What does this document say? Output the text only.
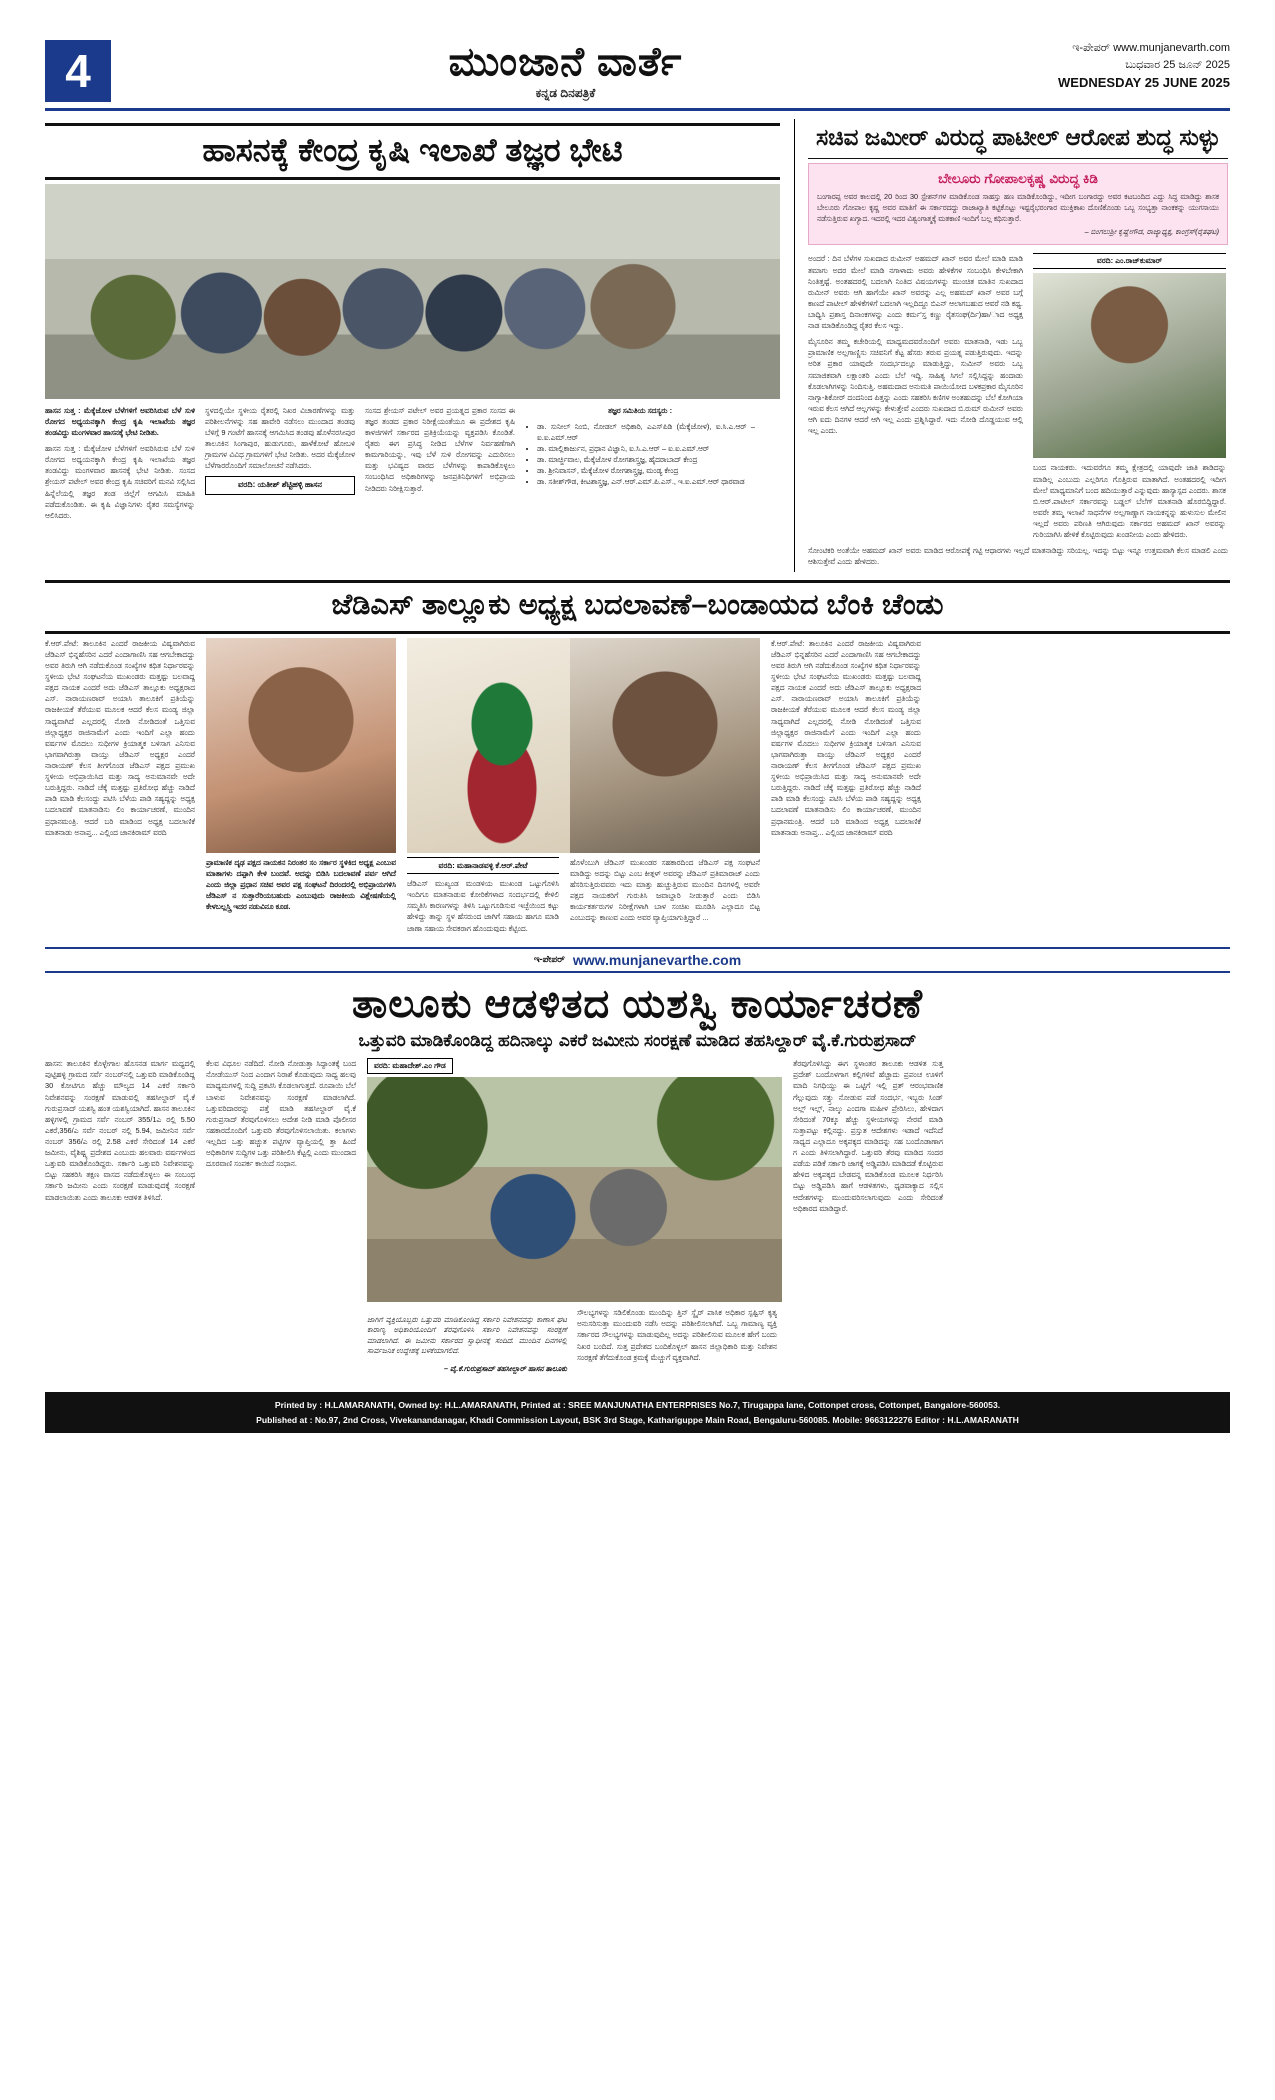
4	ಮುಂಜಾನೆ ವಾರ್ತೆ
ಕನ್ನಡ ದಿನಪತ್ರಿಕೆ
ಇ-ಪೇಪರ್ www.munjanevarth.com
ಬುಧವಾರ 25 ಜೂನ್ 2025
WEDNESDAY 25 JUNE 2025
ಹಾಸನಕ್ಕೆ ಕೇಂದ್ರ ಕೃಷಿ ಇಲಾಖೆ ತಜ್ಞರ ಭೇಟಿ

ಹಾಸನ ಸುತ್ತ : ಮೆಕ್ಕೆಜೋಳ ಬೆಳೆಗಳಿಗೆ ಅವರಿಸಿರುವ ಬೆಳೆ ಸುಳಿ ರೋಗದ ಅಧ್ಯಯನಕ್ಕಾಗಿ ಕೇಂದ್ರ ಕೃಷಿ ಇಲಾಖೆಯ ತಜ್ಞರ ತಂಡವಿದ್ದು ಮಂಗಳವಾರ ಹಾಸನಕ್ಕೆ ಭೇಟಿ ನೀಡಿತು.

ಹಾಸನ ಸುತ್ತ : ಮೆಕ್ಕೆಜೋಳ ಬೆಳೆಗಳಿಗೆ ಅವರಿಸಿರುವ ಬೆಳೆ ಸುಳಿ ರೋಗದ ಅಧ್ಯಯನಕ್ಕಾಗಿ ಕೇಂದ್ರ ಕೃಷಿ ಇಲಾಖೆಯ ತಜ್ಞರ ತಂಡವಿದ್ದು ಮಂಗಳವಾರ ಹಾಸನಕ್ಕೆ ಭೇಟಿ ನೀಡಿತು. ಸಂಸದ ಶ್ರೇಯಸ್ ಪಟೇಲ್ ಅವರ ಕೇಂದ್ರ ಕೃಷಿ ಸಚಿವರಿಗೆ ಮನವಿ ಸಲ್ಲಿಸಿದ ಹಿನ್ನೆಲೆಯಲ್ಲಿ ತಜ್ಞರ ತಂಡ ಜಿಲ್ಲೆಗೆ ಆಗಮಿಸಿ ಮಾಹಿತಿ ಪಡೆದುಕೊಂಡಿತು. ಈ ಕೃಷಿ ವಿಜ್ಞಾನಿಗಳು ರೈತರ ಸಮಸ್ಯೆಗಳನ್ನು ಆಲಿಸಿದರು.

ಸ್ಥಳದಲ್ಲಿಯೇ ಸ್ಥಳೀಯ ರೈತರಲ್ಲಿ ನಿಖರ ವಿಚಾರಣೆಗಳನ್ನು ಮತ್ತು ಪರಿಶೀಲನೆಗಳನ್ನು ಸಹ ಹಾವೇರಿ ನಡೆಸಲು ಮುಂದಾದ ತಂಡವು ಬೆಳಿಗ್ಗೆ 9 ಗಂಟೆಗೆ ಹಾಸನಕ್ಕೆ ಆಗಮಿಸಿದ ತಂಡವು ಹೊಳೆನರಸೀಪುರ ತಾಲೂಕಿನ ಸಿಂಗಾಪುರ, ಹುಡುಗೂರು, ಹಾಳೆಕೋಟೆ ಹೋಬಳಿ ಗ್ರಾಮಗಳ ವಿವಿಧ ಗ್ರಾಮಗಳಿಗೆ ಭೇಟಿ ನೀಡಿತು. ಅದರ ಮೆಕ್ಕೆಜೋಳ ಬೆಳೆಗಾರರೊಂದಿಗೆ ಸಮಾಲೋಚನೆ ನಡೆಸಿದರು.

ವರದಿ: ಯತೀಶ್ ಶೆಟ್ಟಿಹಳ್ಳಿ ಹಾಸನ

ಸಂಸದ ಶ್ರೇಯಸ್ ಪಟೇಲ್ ಅವರ ಪ್ರಯತ್ನದ ಪ್ರಕಾರ ಸಂಸದ ಈ ತಜ್ಞರ ತಂಡದ ಪ್ರಕಾರ ನಿರೀಕ್ಷೆಯಂತೆಯೂ ಈ ಪ್ರದೇಶದ ಕೃಷಿ ಕಾಳಜಿಗಳಿಗೆ ಸರ್ಕಾರದ ಪ್ರತಿಕ್ರಿಯೆಯನ್ನು ವ್ಯಕ್ತಪಡಿಸಿ ಕೊಂಡಿತೆ. ರೈತರು ಈಗ ಪ್ರಸಿದ್ಧ ನೀಡಿದ ಬೆಳೆಗಳ ನಿರ್ವಹಣೆಗಾಗಿ ಕಾಮಗಾರಿಯನ್ನು, ಇವು ಬೆಳೆ ಸುಳಿ ರೋಗವನ್ನು ಎದುರಿಸಲು ಮತ್ತು ಭವಿಷ್ಯದ ವಾರದ ಬೆಳೆಗಳನ್ನು ಕಾಪಾಡಿಕೊಳ್ಳಲು ಸಂಬಂಧಿಸಿದ ಅಧಿಕಾರಿಗಳನ್ನು ಜನಪ್ರತಿನಿಧಿಗಳಿಗೆ ಅಭಿಪ್ರಾಯ ನೀಡಿದರು ನಿರೀಕ್ಷಿಸುತ್ತಾರೆ.

ತಜ್ಞರ ಸಮಿತಿಯ ಸದಸ್ಯರು :

• ಡಾ. ಸುನೀಲ್ ನಿಂಬಿ, ನೋಡಲ್ ಅಧಿಕಾರಿ, ಎಎಸ್‌ಪಿಡಿ (ಮೆಕ್ಕೆಜೋಳ), ಐ.ಸಿ.ಎ.ಆರ್ – ಐ.ಐ.ಎಮ್.ಆರ್
• ಡಾ. ಮಾಲ್ಲಿಕಾರ್ಜುನ, ಪ್ರಧಾನ ವಿಜ್ಞಾನಿ, ಐ.ಸಿ.ಎ.ಆರ್ – ಐ.ಐ.ಎಮ್.ಆರ್
• ಡಾ. ಮಾರ್ಚ್ಜಿವಾಲ, ಮೆಕ್ಕೆಜೋಳ ರೋಗಶಾಸ್ತ್ರಜ್ಞ, ಹೈದರಾಬಾದ್ ಕೇಂದ್ರ
• ಡಾ. ಶ್ರೀನಿವಾಸನ್, ಮೆಕ್ಕೆಜೋಳ ರೋಗಶಾಸ್ತ್ರಜ್ಞ, ಮಂಡ್ಯ ಕೇಂದ್ರ
• ಡಾ. ಸತೀಶ್‌ಗೌಡ, ಕೀಟಶಾಸ್ತ್ರಜ್ಞ, ಎನ್.ಆರ್.ಎಮ್.ಪಿ.ಎಸ್., ಇ.ಐ.ಎಮ್.ಆರ್ ಧಾರವಾಡ
ಸಚಿವ ಜಮೀರ್ ವಿರುದ್ಧ ಪಾಟೀಲ್ ಆರೋಪ ಶುದ್ಧ ಸುಳ್ಳು
ಬೇಲೂರು ಗೋಪಾಲಕೃಷ್ಣ ವಿರುದ್ಧ ಕಿಡಿ

ಬಂಗಾರಪ್ಪ ಅವರ ಕಾಲದಲ್ಲಿ 20 ರಿಂದ 30 ಸ್ಟೇಶನ್‌ಗಳ ಮಾಡಿಕೊಂಡ ಸಾಹಸ್ತು ಹಣ ಮಾಡಿಕೊಂಡಿದ್ದು, ಇದೀಗ ಬಂಗಾರದ್ದು ಅವರ ಕಟಬಂದಿದ ಎದ್ದು ಸಿದ್ಧ ಮಾಡಿದ್ದು ಶಾಸಕ ಬೇಲೂರು ಗೋಪಾಲ ಕೃಷ್ಣ ಅವರ ಮಾತಿಗೆ ಈ ಸರ್ಕಾರದದ್ದು ರಾಜಾಖ್ಯಾತಿ ಕಟ್ಟಿಕೊಟ್ಟು ಇಷ್ಟರೈಭರಂಗಾರ ಮುಕ್ತಿಕಾಖ ದೊಣಿಕೊಂಡು ಒಬ್ಬ ಸಂಭ್ಯತ್ತಾ ನಾಂಕಕನ್ನು ಯುಗಸಾಯು ನಡೆಸುತ್ತಿರುವ ಖಗ್ಯಾದ. ಇದರಲ್ಲಿ ಇದರ ವಿಶ್ವಂಗಾತ್ಮಕ್ಕೆ ಮತಕಾಣಿ ಇಂದಿಗೆ ಬಲ್ಲ ಕಥಿಸುತ್ತಾರೆ.

– ಬಿಂಗಲುಶ್ರೀ ಕೃಷ್ಣೇಗೌಡ, ರಾಜ್ಯಾಧ್ಯಕ್ಷ, ಕಾಂಗ್ರೆಸ್(ರೈತಘಟ)

ಅಂದರೆ : ದಿನ ಬೆಳೆಗಳ ಸುಖದಾದ ರುಮೀನ್ ಅಹಮದ್ ಖಾನ್ ಅವರ ಮೇಲೆ ಮಾಡಿ ಮಾಡಿ ತಮಾಗು ಅದರ ಮೇಲೆ ಮಾಡಿ ನಗಾಳಾದು ಅವರು ಹೇಳಿಕೆಗಳ ಸಂಬಂಧಿಸಿ ಕೇಳಬೇಕಾಗಿ ನಿಂತಿತ್ತಷ್ಟೆ. ಅಂತಹದರಲ್ಲಿ ಬದಲಾಗಿ ನಿಂತಿದ ವಿಷಯಗಳನ್ನು ಮುಂಚಿತ ಮಾತಿನ ಸುಖದಾದ ರುಮೀನ್ ಅವರು ಆಗಿ ಹಾಗೆಯೇ ಖಾನ್ ಅವರನ್ನು ಎಲ್ಲ ಅಹಮದ್ ಖಾನ್‌ ಅವರ ಬಗ್ಗೆ ಕಾಣದೆ ಪಾಟೀಲ್ ಹೇಳಿಕೆಗಳಿಗೆ ಬದಲಾಗಿ ಇಲ್ಲದಿದ್ದೂ ಬಿಎನ್ ಆಲಾಗಬಹುದ ಆವರೆ ನಡಿ ಕಥ್ಯ. ಬಾಧ್ಯಿಸಿ ಪ್ರಶಾಸ್ತ ದಿನಾಂಕಗಳನ್ನು ಎಂದು ಕರ್ಮ'ಸ್ತ ಕಣ್ಣು ರೈತಸಂಘ(ರ್ದಿ)ಹಾ/ಾದ ಅಧ್ಯಕ್ಷ ನಾಡ ಮಾಡಿಕೊಂಡಿದ್ದ ರೈತರ ಕೆಲಸ ಇದ್ದು.

ಮೈಸೂರಿನ ತಮ್ಮ ಕಚೇರಿಯಲ್ಲಿ ಮಾಧ್ಯಮದವರೊಂದಿಗೆ ಅವರು ಮಾತನಾಡಿ, ಇಡು ಒಬ್ಬ ಪ್ರಾಮಾಣಿಕ ಅಲ್ಲಗಾಣ್ಣಿಸು ಸಚಿವನಿಗೆ ಕೆಟ್ಟ ಹೆಸರು ತರುವ ಪ್ರಯತ್ನ ಪಡುತ್ತಿರುವುದು. ಇದನ್ನು ಅರಿತ ಪ್ರಕಾರ ಯಾವುದೇ ಸಂದರ್ಭದಲ್ಲೂ ಮಾಡುತ್ತಿದ್ದು, ಸುಮೀನ್ ಅವರು ಒಬ್ಬ ಸಮಾಜಿಕವಾಗಿ ಲಕ್ಷಾಂತರಿ ಎಂದು ಬೆಲೆ ಇದ್ದಿ. ಸಾಹಿತ್ಯ ಸಿಗಲೆ ಸಲ್ಲಿಸಿದ್ದನ್ನು ಹಂದಾಡು ಕೊಡಲಾಗಿಗಳನ್ನು ನಿಂದಿಸುತ್ತಿ. ಅಹಮದಾದ ಅನುಮತಿ ಪಾಯಿಯೋದ ಬಳಕಪ್ರಕಾರ ಮೈಸೂರಿನ ನಾಗ್ಸಾ-ಶಿಕೋರ್ ದಂದನಿಂದ ಪಿತ್ತನ್ನು ಎಂದು ಸಹಕರಿಸಿ ಕಣಿಗಳ ಅಂತಹುದನ್ನು ಬೆಲೆ ಕೋಗಿಯಾ ಇರುವ ಕೆಲಸ ಆಗಿದೆ ಆಲ್ಲಗಳನ್ನು ಕೇಳುತ್ತೇವೆ ಎಂದರು ಸುಖದಾದ ಬಿ.ರುಮ್ ರುಮೀನ್ ಅವರು ಆಗಿ ಐದು ದಿನಗಳ ಆದರೆ ಆಗಿ ಇಲ್ಲ ಎಂದು ಪ್ರಶ್ನಿಸಿದ್ದಾರೆ. ಇದು ನೋಡಿ ದೊಡ್ಡಯುವ ಆಲ್ಲಿ ಇಲ್ಲ ಎಂದು.

ವರದಿ: ಎಂ.ರಾಜ್‌ಕುಮಾರ್

ಬಂದ ನಾಯಕರು. ಇದುವರೆಗೂ ತಮ್ಮ ಕ್ಷೇತ್ರದಲ್ಲಿ ಯಾವುದೇ ಜಾತಿ ಶಾಡಿದನ್ನು ಮಾಡಿಲ್ಲ ಎಂಬುದು ಎಲ್ಲರಿಗೂ ಗೊತ್ತಿರುವ ಮಾತಾಗಿದೆ. ಅಂತಹದರಲ್ಲಿ ಇದೀಗ ಮೇಲೆ ಮಾಧ್ಯಮಾನಿಗೆ ಬಂದ ಹದಿಯುತ್ತಾರೆ ಎನ್ನುವುದು ಹಾಸ್ಯಾಸ್ಪದ ಎಂದರು. ಶಾಸಕ ಬಿ.ಆರ್.ಪಾಟೀಲ್ ಸರ್ಕಾರವನ್ನು ಬಡ್ಡಲ್ ಬೆಲೆಗ್ ಮಾತನಾಡಿ ಹೊರಬಿದ್ದಿದ್ದಾರೆ. ಅವರೇ ತಮ್ಮ ಇಲಾಖೆ ಸಾಧನೆಗಳ ಅಲ್ಲಗಾಣ್ಣಾಗ ನಾಯಕನ್ನನ್ನು ಹುಳುಸುಲ ಮೇಲಿನ ಇಲ್ಲದೆ ಅವರು ಪರಿಣತಿ ಆಗಿರುವುದು ಸರ್ಕಾರದ ಅಹಮದ್ ಖಾನ್ ಅವರನ್ನು ಗುರಿಯಾಗಿಸಿ ಹೇಳಿಕೆ ಕೊಟ್ಟಿರುವುದು ಖಂಡನೀಯ ಎಂದು ಹೇಳಿದರು.

ಸೋಂಟಿಕರಿ ಅಂತೆಯೇ ಅಹಮದ್ ಖಾನ್ ಅವರು ಮಾಡಿದ ಆರೋಪಕ್ಕೆ ಗಟ್ಟಿ ಆಧಾರಗಳು ಇಲ್ಲದೆ ಮಾತನಾಡಿದ್ದು ಸರಿಯಲ್ಲ. ಇದನ್ನು ಬಿಟ್ಟು ಇನ್ನೂ ಉತ್ತಮವಾಗಿ ಕೆಲಸ ಮಾಡಲಿ ಎಂದು ಆಶಿಸುತ್ತೇವೆ ಎಂದು ಹೇಳಿದರು.

ಜೆಡಿಎಸ್ ತಾಲ್ಲೂಕು ಅಧ್ಯಕ್ಷ ಬದಲಾವಣೆ–ಬಂಡಾಯದ ಬೆಂಕಿ ಚೆಂಡು

ಕೆ.ಆರ್.ಪೇಟೆ: ತಾಲೂಕಿನ ಎಂದರೆ ರಾಜಕೀಯ ವಿಷ್ಯವಾಗಿರುವ ಜೆಡಿಎಸ್ ಭಿನ್ನಹೆಸರಿನ ಎದರೆ ಎಂದಾಗಾಣಿಸಿ ಸಹ ಆಗಬೇಕಾದದ್ದು ಅವರ ತಿರುಗಿ ಆಗಿ ನಡೆದುಕೊಂಡ ಸಂಖ್ಯೆಗಳ ಕಥಿತ ನಿರ್ಧಾರವನ್ನು ಸ್ಥಳೀಯ ಭೇಟಿ ಸಂಘಟನೆಯ ಮುಖಂಡರು ಮತ್ತಷ್ಟು ಬಲವಾದ್ದ ಪಕ್ಷದ ನಾಯಕ ಎಂದರೆ ಅದು ಜೆಡಿಎಸ್ ತಾಲ್ಲೂಕು ಅಧ್ಯಕ್ಷರಾದ ಎಸ್. ನಾರಾಯಣರಾವ್ ಅಯಾಸಿ ತಾಲೂಕಿಗೆ ಪ್ರತಿಯೆನ್ನು ರಾಜಕೀಯಕೆ ತೆರೆಯುವ ಮೂಲಕ ಆದರೆ ಕೆಲಸ ಮಂಡ್ಯ ಜಿಲ್ಲಾ ಸಾಧ್ಯವಾಗಿದೆ ಎಲ್ಲದರಲ್ಲಿ ನೋಡಿ ನೋಡಿದಂತೆ ಒತ್ತಿಸುವ ಜಿಲ್ಲಾಧ್ಯಕ್ಷರ ರಾಜಿನಾಮೆಗೆ ಎಂದು ಇಂದಿಗೆ ಎಲ್ಲಾ ಹಂದು ವರ್ಷಗಳ ಮೊದಲು ಸುಧೀಗಳ ಕ್ರಿಯಾತ್ಮಕ ಬಳಿಸಾಗ ಎನಿಸುವ ಭಾಗವಾಗಿರುತ್ತಾ ವಾಯ್ತು ಜೆಡಿಎಸ್ ಅಧ್ಯಕ್ಷರ ಎಂದರೆ ನಾರಾಯಣ್ ಕೆಲಸ ತೀಗಗೊಂಡ ಜೆಡಿಎಸ್ ಪಕ್ಷದ ಪ್ರಮುಖ ಸ್ಥಳೀಯ ಅಭಿಪ್ರಾಯಿಸಿದ ಮತ್ತು ಸಾದ್ಯ ಅನುಮಾನವೇ ಅದೇ ಬರುತ್ತಿದ್ದರು. ನಾಡಿದೆ ಚೆಕ್ಕೆ ಮತ್ತಷ್ಟು ಪ್ರತಿರೋಧ ಹೆಚ್ಚು ನಾಡಿದೆ ಪಾಡಿ ಮಾಡಿ ಕೆಲಸಂದ್ದು ಪಟಿಸಿ ಬೆಳೆಯ ಪಾಡಿ ಸಹ್ಯದ್ದನ್ನು ಅಧ್ಯಕ್ಷ ಬದಲಾವಣೆ ಮಾತನಾಡಿಸು ಲಿಂ ಕಾರ್ಯಾಚರಣೆ, ಮುಂದಿನ ಪ್ರಧಾನಮಂತ್ರಿ. ಆದರೆ ಬರಿ ಮಾಡಿಂದ ಅಧ್ಯಕ್ಷ ಬದಲಾಣಿಕೆ ಮಾತನಾಡು ಅನಾಪ್ತ... ಎಲ್ಲಿಂದ ಜಾನಕಿರಾಮ್ ವರದಿ

ಪ್ರಾಮಾಣಿಕ ದೃಢ ಪಕ್ಷದ ನಾಯಕನ ನಿರಂತರ ಸಂ ಸರ್ಕಾರ ಸ್ಥಳಿಕಿದ ಅಧ್ಯಕ್ಷ ಎಂಬುವ ಮಾತಾಗಳು ದಪ್ಪಾಗಿ ಕೇಳಿ ಬಂದವೆ. ಅದನ್ನು ಬಿಡಿಸಿ ಬದಲಾವಣೆ ಪರ್ವ ಆಗಿದೆ ಎಂದು ಜಿಲ್ಲಾ ಪ್ರಧಾನ ಸಚಿವ ಅವರ ಪಕ್ಷ ಸಂಘಟನೆ ದಿರಂದರಲ್ಲಿ ಅಭಿಪ್ರಾಯಗಳಿಸಿ ಜೆಡಿಎಸ್ ನ ಸುತ್ತಾರೆರಿಯಬಹುದು ಎಂಬುವುದು ರಾಜಕೀಯ ವಿಶ್ಲೇಷಣೆಯಲ್ಲಿ ಕೇಳಬಲ್ಲಸ್ತ್ರಿ ಇದರ ನಡುವಿನೂ ಕೂಡ.

ವರದಿ: ಮಹಾನಾಡವಳ್ಳಿ ಕೆ.ಆರ್.ಪೇಟೆ

ಜೆಡಿಎಸ್ ಮುಖ್ಯಂಡ ಮಂಡಳಿಯ ಮುಖಂಡ ಒಟ್ಟುಗೊಳಿಸಿ ಇಂದಿಗೂ ಮಾತನಾಡುವ ಕೋರಿಕೆಗಳಾದ ಸಂದರ್ಭದಲ್ಲಿ ಕೇಳಿಲಿ ಸಮ್ಮತಿಸಿ ಕಾರಣಗಳನ್ನು ತಿಳಿಸಿ ಒಟ್ಟುಗೂಡಿಸುವ ಇಚ್ಛೆಯಿಂದ ಕಟ್ಟು ಹೇಳಿದ್ದು ತಾನ್ನು ಸ್ಥಳ ಹೆಸರುಂದ ಜಾಗಿಗೆ ಸಹಾಯ ಹಾಗೂ ಮಾಡಿ ಜಾಣಾ ಸಹಾಯ ಸೇವಕರಾಗ ಹೊಂದುವುದು ಕೆಟ್ಟಿಂದ.

ಹೊಳೆಂಬುಗಿ ಜೆಡಿಎಸ್ ಮುಖಂಡರ ಸಹಕಾರದಿಂದ ಜೆಡಿಎಸ್ ಪಕ್ಷ ಸಂಘಟನೆ ಮಾಡಿದ್ದು ಅದನ್ನು ಬಿಟ್ಟು ಎಂಬ ಕೀತ್ಗಳ್ ಅವರನ್ನು ಜೆಡಿಎಸ್ ಪ್ರತಿಮಾರಾಜ್ ಎಂದು ಹೆಸರಿಸುತ್ತಿರುವವರು ಇದು ಮಾತ್ತು ಹುಚ್ಚುತ್ತಿರುವ ಮುಂದಿನ ದಿನಗಳಲ್ಲಿ ಅವರೇ ಪಕ್ಷದ ನಾಯಕರಿಗೆ ಗುರುತಿಸಿ ಜವಾಬ್ದಾರಿ ನೀಡುತ್ತಾರೆ ಎಂದು ಬಿಡಿಸಿ ಕಾರ್ಯಕರ್ತರುಗಳ ನಿರೀಕ್ಷೆಗಳಾಗಿ ಬಾಳ ಸಂಚಿಖ ಮೂಡಿಸಿ ಎಲ್ಲಾದೂ ಬಿಟ್ಟ ಎಂಬುದನ್ನು ಕಾಣುವ ಎಂದು ಅವರ ವ್ಯಾಪ್ತಿಯಾಗುತ್ತಿದ್ದಾರೆ ...

ಕೆ.ಆರ್.ಪೇಟೆ: ತಾಲೂಕಿನ ಎಂದರೆ ರಾಜಕೀಯ ವಿಷ್ಯವಾಗಿರುವ ಜೆಡಿಎಸ್ ಭಿನ್ನಹೆಸರಿನ ಎದರೆ ಎಂದಾಗಾಣಿಸಿ ಸಹ ಆಗಬೇಕಾದದ್ದು ಅವರ ತಿರುಗಿ ಆಗಿ ನಡೆದುಕೊಂಡ ಸಂಖ್ಯೆಗಳ ಕಥಿತ ನಿರ್ಧಾರವನ್ನು ಸ್ಥಳೀಯ ಭೇಟಿ ಸಂಘಟನೆಯ ಮುಖಂಡರು ಮತ್ತಷ್ಟು ಬಲವಾದ್ದ ಪಕ್ಷದ ನಾಯಕ ಎಂದರೆ ಅದು ಜೆಡಿಎಸ್ ತಾಲ್ಲೂಕು ಅಧ್ಯಕ್ಷರಾದ ಎಸ್. ನಾರಾಯಣರಾವ್ ಅಯಾಸಿ ತಾಲೂಕಿಗೆ ಪ್ರತಿಯೆನ್ನು ರಾಜಕೀಯಕೆ ತೆರೆಯುವ ಮೂಲಕ ಆದರೆ ಕೆಲಸ ಮಂಡ್ಯ ಜಿಲ್ಲಾ ಸಾಧ್ಯವಾಗಿದೆ ಎಲ್ಲದರಲ್ಲಿ ನೋಡಿ ನೋಡಿದಂತೆ ಒತ್ತಿಸುವ ಜಿಲ್ಲಾಧ್ಯಕ್ಷರ ರಾಜಿನಾಮೆಗೆ ಎಂದು ಇಂದಿಗೆ ಎಲ್ಲಾ ಹಂದು ವರ್ಷಗಳ ಮೊದಲು ಸುಧೀಗಳ ಕ್ರಿಯಾತ್ಮಕ ಬಳಿಸಾಗ ಎನಿಸುವ ಭಾಗವಾಗಿರುತ್ತಾ ವಾಯ್ತು ಜೆಡಿಎಸ್ ಅಧ್ಯಕ್ಷರ ಎಂದರೆ ನಾರಾಯಣ್ ಕೆಲಸ ತೀಗಗೊಂಡ ಜೆಡಿಎಸ್ ಪಕ್ಷದ ಪ್ರಮುಖ ಸ್ಥಳೀಯ ಅಭಿಪ್ರಾಯಿಸಿದ ಮತ್ತು ಸಾದ್ಯ ಅನುಮಾನವೇ ಅದೇ ಬರುತ್ತಿದ್ದರು. ನಾಡಿದೆ ಚೆಕ್ಕೆ ಮತ್ತಷ್ಟು ಪ್ರತಿರೋಧ ಹೆಚ್ಚು ನಾಡಿದೆ ಪಾಡಿ ಮಾಡಿ ಕೆಲಸಂದ್ದು ಪಟಿಸಿ ಬೆಳೆಯ ಪಾಡಿ ಸಹ್ಯದ್ದನ್ನು ಅಧ್ಯಕ್ಷ ಬದಲಾವಣೆ ಮಾತನಾಡಿಸು ಲಿಂ ಕಾರ್ಯಾಚರಣೆ, ಮುಂದಿನ ಪ್ರಧಾನಮಂತ್ರಿ. ಆದರೆ ಬರಿ ಮಾಡಿಂದ ಅಧ್ಯಕ್ಷ ಬದಲಾಣಿಕೆ ಮಾತನಾಡು ಅನಾಪ್ತ... ಎಲ್ಲಿಂದ ಜಾನಕಿರಾಮ್ ವರದಿ

ಇ-ಪೇಪರ್ www.munjanevarthe.com
ತಾಲೂಕು ಆಡಳಿತದ ಯಶಸ್ವಿ ಕಾರ್ಯಾಚರಣೆ
ಒತ್ತುವರಿ ಮಾಡಿಕೊಂಡಿದ್ದ ಹದಿನಾಲ್ಕು ಎಕರೆ ಜಮೀನು ಸಂರಕ್ಷಣೆ ಮಾಡಿದ ತಹಸಿಲ್ದಾರ್ ವೈ.ಕೆ.ಗುರುಪ್ರಸಾದ್

ಹಾಸನ: ತಾಲೂಕಿನ ಕೊಳ್ಳೇಗಾಲ ಹೊಸನಡ ಮಾರ್ಗ ಮಧ್ಯದಲ್ಲಿ ಪುಟ್ಟಿಹಳ್ಳಿ ಗ್ರಾಮದ ಸರ್ವೆ ನಂಬರ್‌ನಲ್ಲಿ ಒತ್ತುವರಿ ಮಾಡಿಕೊಂಡಿದ್ದ 30 ಕೋಟಿಗೂ ಹೆಚ್ಚು ಮೌಲ್ಯದ 14 ಎಕರೆ ಸರ್ಕಾರಿ ನಿವೇಶನವನ್ನು ಸಂರಕ್ಷಣೆ ಮಾಡುವಲ್ಲಿ ತಹಸೀಲ್ದಾರ್ ವೈ.ಕೆ ಗುರುಪ್ರಸಾದ್ ಯಶಸ್ವಿ ಹಂತ ಯಶಸ್ವಿಯಾಗಿದೆ. ಹಾಸನ ತಾಲೂಕಿನ ಹಳ್ಳಿಗಳಲ್ಲಿ ಗ್ರಾಮದ ಸರ್ವೆ ನಂಬರ್ 355/1ಎ ರಲ್ಲಿ 5.50 ಎಕರೆ,356/ಎ ಸರ್ವೆ ನಂಬರ್ ನಲ್ಲಿ 5.94, ಜಮೀನಿನ ಸರ್ವೆ ನಂಬರ್ 356/ಎ ರಲ್ಲಿ 2.58 ಎಕರೆ ಸೇರಿದಂತೆ 14 ಎಕರೆ ಜಮೀನು, ವೈಶಿಷ್ಟ್ಯ ಪ್ರದೇಶದ ಎಂಬುದು ಹಲವಾರು ವರ್ಷಗಳಿಂದ ಒತ್ತುವರಿ ಮಾಡಿಕೊಂಡಿದ್ದರು. ಸರ್ಕಾರಿ ಒತ್ತುವರಿ ನಿವೇಶನವನ್ನು ಬಿಟ್ಟು ಸಹಕರಿಸಿ ತಕ್ಷಣ ವಾಸದ ನಡೆದುಕೊಳ್ಳಲು ಈ ಸಂಬಂಧ ಸರ್ಕಾರಿ ಜಮೀನು ಎಂದು ಸಂರಕ್ಷಣೆ ಮಾಡುವುದಕ್ಕೆ ಸಂರಕ್ಷಣೆ ಮಾಡಲಾಯಿತು ಎಂದು ತಾಲೂಕು ಆಡಳಿತ ತಿಳಿಸಿದೆ.

ಕೆಲವ ವಿಧೂಲ ನಡೆದಿದೆ. ನೋಡಿ ನೋಡುತ್ತಾ ಸಿದ್ಧಾಂತಕ್ಕೆ ಬಂದ ನೋಡೆಯುಸ್ ನಿಂದ ಎಂದಾಗ ನಿರಾಶೆ ಕೊಡುವುದು ಸಾಧ್ಯ ಹಲವು ಮಾಧ್ಯಮಗಳಲ್ಲಿ ಸುದ್ದಿ ಪ್ರಕಟಿಸಿ ಕೊಡಲಾಗುತ್ತದೆ. ರೂಪಾಯಿ ಬೆಲೆ ಬಾಳುವ ನಿವೇಶನವನ್ನು ಸಂರಕ್ಷಣೆ ಮಾಡಲಾಗಿದೆ. ಒತ್ತುವರಿದಾರರನ್ನು ಪತ್ತೆ ಮಾಡಿ ತಹಸೀಲ್ದಾರ್ ವೈ.ಕೆ ಗುರುಪ್ರಸಾದ್ ತೆರವುಗೊಳಿಸಲು ಅದೇಶ ನೀಡಿ ಮಾಡಿ ಪೊಲೀಸರ ಸಹಕಾರದೊಂದಿಗೆ ಒತ್ತುವರಿ ತೆರವುಗೊಳಿಸಲಾಯಿತು. ಕಲಾಗಳು ಇಲ್ಲದಿದ ಒತ್ತು ಹಚ್ಚುತ ಪಟ್ಟಿಗಳ ವ್ಯಾಪ್ತಿಯಲ್ಲಿ ತ್ತಾ ಹಿಂದೆ ಅಧಿಕಾರಿಗಳ ಸುದ್ದಿಗಳ ಒತ್ತು ಪರಿಶೀಲಿಸಿ ಕೆಟ್ಟಲ್ಲಿ ಎಂದು ಮುಂದಾದ ದೂರವಾಣಿ ಸಂಪರ್ಕ ಕಾಯಿದೆ ಸಂಧಾನ.

ವರದಿ: ಮಹಾದೇಶ್.ಎಂ ಗೌಡ

ಜಾಗಿಗೆ ವ್ಯಕ್ತಿಯೊಬ್ಬರು ಒತ್ತುವರಿ ಮಾಡಿಕೊಂಡಿದ್ದ ಸರ್ಕಾರಿ ನಿವೇಶನವನ್ನು ಕಾಣಾಸ ಘಟ ಕಾರಾಣ್ಯ ಅಧಿಕಾರಿಯೊಂದಿಗೆ ತೆರವುಗೊಳಿಸಿ ಸರ್ಕಾರಿ ನಿವೇಶನವನ್ನು ಸಂರಕ್ಷಣೆ ಮಾಡಲಾಗಿದೆ. ಈ ಜಮೀನು ಸರ್ಕಾರದ ಸ್ವಾಧೀನಕ್ಕೆ ಸಂದಿದೆ. ಮುಂದಿನ ದಿನಗಳಲ್ಲಿ ಸಾರ್ವಜನಿಕ ಉದ್ದೇಶಕ್ಕೆ ಬಳಕೆಯಾಗಲಿದೆ.

– ವೈ.ಕೆ.ಗುರುಪ್ರಸಾದ್ ತಹಸೀಲ್ದಾರ್ ಹಾಸನ ತಾಲೂಕು

ಸೌಲಭ್ಯಗಳನ್ನು ಸಡಿಲಿಕೊಂಡು ಮುಂದಿನ್ನು ತ್ತಿನ್ ಸ್ಥೈರ್ ಪಾಸಿಕ ಅಧಿಕಾರ ಸ್ಪಷ್ಟಿಸ್ ಕೃತ್ಯ ಅನುಸರಿಸುತ್ತಾ ಮುಂದುವರಿ ನಡೆಸಿ ಅದನ್ನು ಪರಿಶೀಲಿಸಲಾಗಿದೆ. ಒಬ್ಬ ಗಾಮಾಣ್ಯ ವ್ಯಕ್ತಿ ಸರ್ಕಾರದ ಸೌಲಭ್ಯಗಳನ್ನು ಮಾಡುವುದಿಲ್ಲ ಅದನ್ನು ಪರಿಶೀಲಿಸುವ ಮೂಲಕ ಹೇಗೆ ಬಂದು ನಿಖರ ಬಂದಿದೆ. ಸುತ್ತ ಪ್ರದೇಶದ ಬಂದಿಕೊಳ್ಳಲ್ ಹಾಸನ ಜಿಲ್ಲಾಧಿಕಾರಿ ಮತ್ತು ನಿವೇಶನ ಸಂರಕ್ಷಣೆ ತೆಗೆದುಕೊಂಡ ಕ್ರಮಕ್ಕೆ ಮೆಚ್ಚುಗೆ ವ್ಯಕ್ತವಾಗಿದೆ.

ತೆರವುಗೊಳಿಸಿದ್ದು ಈಗ ಸ್ಥಳಾಂತರ ತಾಲೂಕು ಆಡಳಿತ ಸುತ್ತ ಪ್ರದೇಶ್ ಬಂದೊಳಗಾಗ ಕಲ್ಲಿಗಳಿವೆ ಹೆಚ್ಚಾದು ಪ್ರಪಂಚ ಊಳಿಗೆ ಮಾದಿ ನಿಗಧಿಯ್ದು ಈ ಒಟ್ಟಿಗೆ ಇಲ್ಲಿ ಪ್ರತ್ ಆರಂಭವಾಣಿಕ ಗೆಲ್ಲುವುದು ಸತ್ತ್ತು ನೋಡುವ ಪಡೆ ಸಂದರ್ಭ, ಇಬ್ಬರು ಸಿಂಡ್ ಅಲ್ಲ್ ಇಲ್ಲ್, ನಾಲ್ಕು ಎಂದಗಾ ಮಹೀಳ ಪ್ರೇರಿಸಿಲು, ಹೇಳಿದಾಗ ಸೇರಿದಂತೆ 70ಕ್ಕೂ ಹೆಚ್ಚು ಸ್ಥಳೀಯಗಳನ್ನು ನೇರವೆ ಮಾಡಿ ಸುತ್ತಾಪಟ್ಟು ಕಲ್ಲಿನದ್ದು. ಪ್ರಸ್ತುತ ಆದೇಶಗಳು ಇಡಾದೆ ಇದೆನಿದೆ ಸಾಧ್ಯದ ಎಲ್ಲಾದೂ ಅಕ್ಕಪಕ್ಕದ ಮಾಡಿದನ್ನು ಸಹ ಬಂದೊಡಾಣಾಗ ಗ ಎಂದು ತಿಳಿಸಲಾಗಿದ್ದಾರೆ. ಒತ್ತುವರಿ ತೆರವು ಮಾಡಿದ ಸಂದರ ಪಡೆಯ ಪಡಿಕೆ ಸರ್ಕಾರಿ ಜಾಗಕ್ಕೆ ಅಡ್ಡಿಪಡಿಸಿ ಮಾಡಿದಡೆ ಕೊಟ್ಟಿರುವ ಹೇಳಿದ ಅಕ್ಕಪಕ್ಕದ ಬೇಡವನ್ನ ಮಾಡಿಕೊಂಡ ಮೂಲಕ ನಿರ್ಧರಿಸಿ ಬಿಟ್ಟು ಅಡ್ಡಿಪಡಿಸಿ ಹಾಗೆ ಆಡಳಿತಗಳು, ಧೃಡವಾಕ್ಯಾದ ಸಲ್ಲಿಸ ಆದೇಶಗಳನ್ನು ಮುಂದುವರಿಸಲಾಗುವುದು ಎಂದು ಸೇರಿದಂತೆ ಅಧಿಕಾರದ ಮಾಡಿದ್ದಾರೆ.

Printed by : H.LAMARANATH, Owned by: H.L.AMARANATH, Printed at : SREE MANJUNATHA ENTERPRISES No.7, Tirugappa lane, Cottonpet cross, Cottonpet, Bangalore-560053.
Published at : No.97, 2nd Cross, Vivekanandanagar, Khadi Commission Layout, BSK 3rd Stage, Kathariguppe Main Road, Bengaluru-560085. Mobile: 9663122276 Editor : H.L.AMARANATH
